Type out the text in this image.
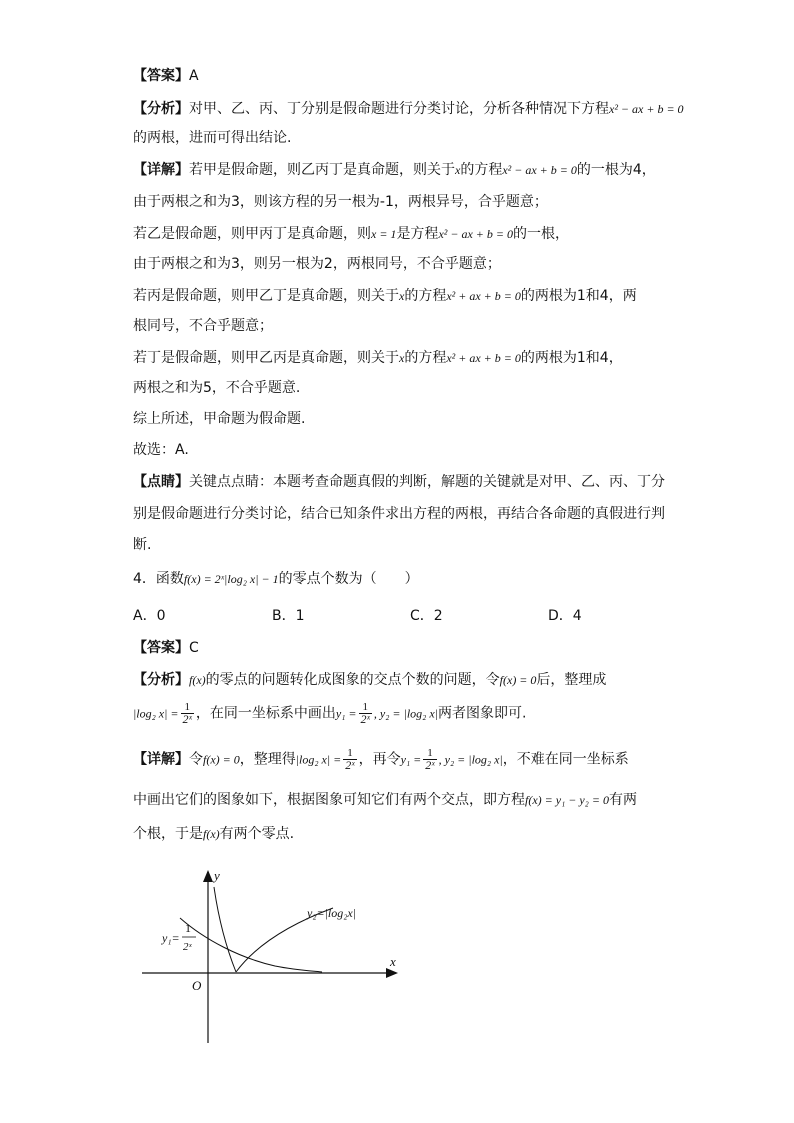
【答案】A
【分析】对甲、乙、丙、丁分别是假命题进行分类讨论，分析各种情况下方程x² − ax + b = 0
的两根，进而可得出结论.
【详解】若甲是假命题，则乙丙丁是真命题，则关于x的方程x² − ax + b = 0的一根为4，
由于两根之和为3，则该方程的另一根为-1，两根异号，合乎题意；
若乙是假命题，则甲丙丁是真命题，则x = 1是方程x² − ax + b = 0的一根，
由于两根之和为3，则另一根为2，两根同号，不合乎题意；
若丙是假命题，则甲乙丁是真命题，则关于x的方程x² + ax + b = 0的两根为1和4，两
根同号，不合乎题意；
若丁是假命题，则甲乙丙是真命题，则关于x的方程x² + ax + b = 0的两根为1和4，
两根之和为5，不合乎题意.
综上所述，甲命题为假命题.
故选：A.
【点睛】关键点点睛：本题考查命题真假的判断，解题的关键就是对甲、乙、丙、丁分
别是假命题进行分类讨论，结合已知条件求出方程的两根，再结合各命题的真假进行判
断.
4．函数f(x) = 2ˣ|log₂ x| − 1的零点个数为（　　）
A．0	B．1	C．2	D．4
【答案】C
【分析】f(x)的零点的问题转化成图象的交点个数的问题，令f(x) = 0后，整理成
|log₂ $x| = \frac{1}{\text{2ˣ}}$ ，在同一坐标系中画出$y_1 = \frac{1}{\text{2ˣ}}$ , y₂ = |log₂ x|两者图象即可.
【详解】令f(x) = 0，整理得|log₂ $x| = \frac{1}{\text{2ˣ}}$ ，再令$y_1 = \frac{1}{\text{2ˣ}}$ , y₂ = |log₂ x|，不难在同一坐标系
中画出它们的图象如下，根据图象可知它们有两个交点，即方程f(x) = y₁ − y₂ = 0有两
个根，于是f(x)有两个零点.
y
x
O
y₁=
1
2ˣ
y₂=|log₂x|
